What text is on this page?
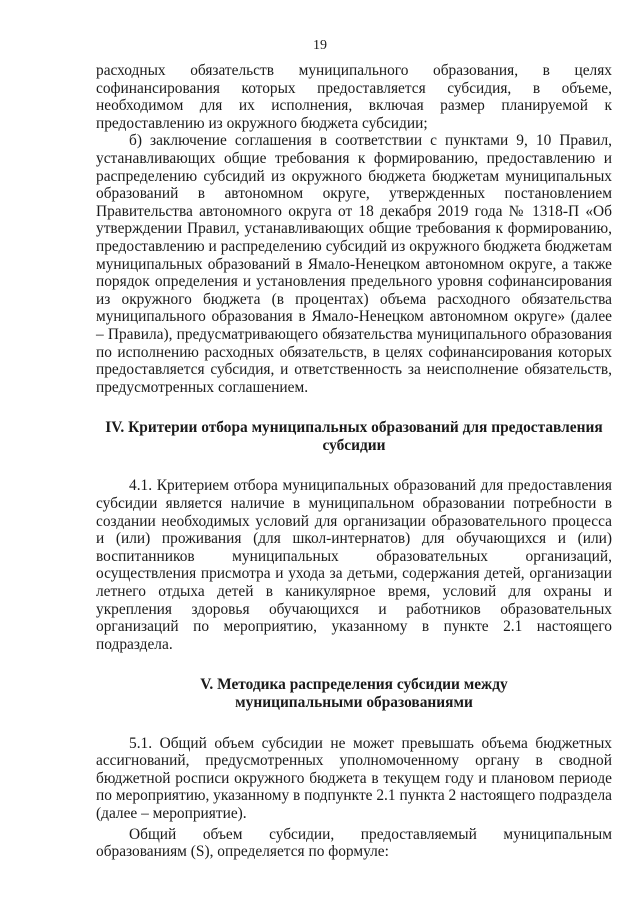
19

расходных обязательств муниципального образования, в целях софинансирования которых предоставляется субсидия, в объеме, необходимом для их исполнения, включая размер планируемой к предоставлению из окружного бюджета субсидии;

б) заключение соглашения в соответствии с пунктами 9, 10 Правил, устанавливающих общие требования к формированию, предоставлению и распределению субсидий из окружного бюджета бюджетам муниципальных образований в автономном округе, утвержденных постановлением Правительства автономного округа от 18 декабря 2019 года № 1318-П «Об утверждении Правил, устанавливающих общие требования к формированию, предоставлению и распределению субсидий из окружного бюджета бюджетам муниципальных образований в Ямало-Ненецком автономном округе, а также порядок определения и установления предельного уровня софинансирования из окружного бюджета (в процентах) объема расходного обязательства муниципального образования в Ямало-Ненецком автономном округе» (далее – Правила), предусматривающего обязательства муниципального образования по исполнению расходных обязательств, в целях софинансирования которых предоставляется субсидия, и ответственность за неисполнение обязательств, предусмотренных соглашением.

IV. Критерии отбора муниципальных образований для предоставления субсидии

4.1. Критерием отбора муниципальных образований для предоставления субсидии является наличие в муниципальном образовании потребности в создании необходимых условий для организации образовательного процесса и (или) проживания (для школ-интернатов) для обучающихся и (или) воспитанников муниципальных образовательных организаций, осуществления присмотра и ухода за детьми, содержания детей, организации летнего отдыха детей в каникулярное время, условий для охраны и укрепления здоровья обучающихся и работников образовательных организаций по мероприятию, указанному в пункте 2.1 настоящего подраздела.

V. Методика распределения субсидии между
муниципальными образованиями

5.1. Общий объем субсидии не может превышать объема бюджетных ассигнований, предусмотренных уполномоченному органу в сводной бюджетной росписи окружного бюджета в текущем году и плановом периоде по мероприятию, указанному в подпункте 2.1 пункта 2 настоящего подраздела (далее – мероприятие).

Общий объем субсидии, предоставляемый муниципальным образованиям (S), определяется по формуле:
